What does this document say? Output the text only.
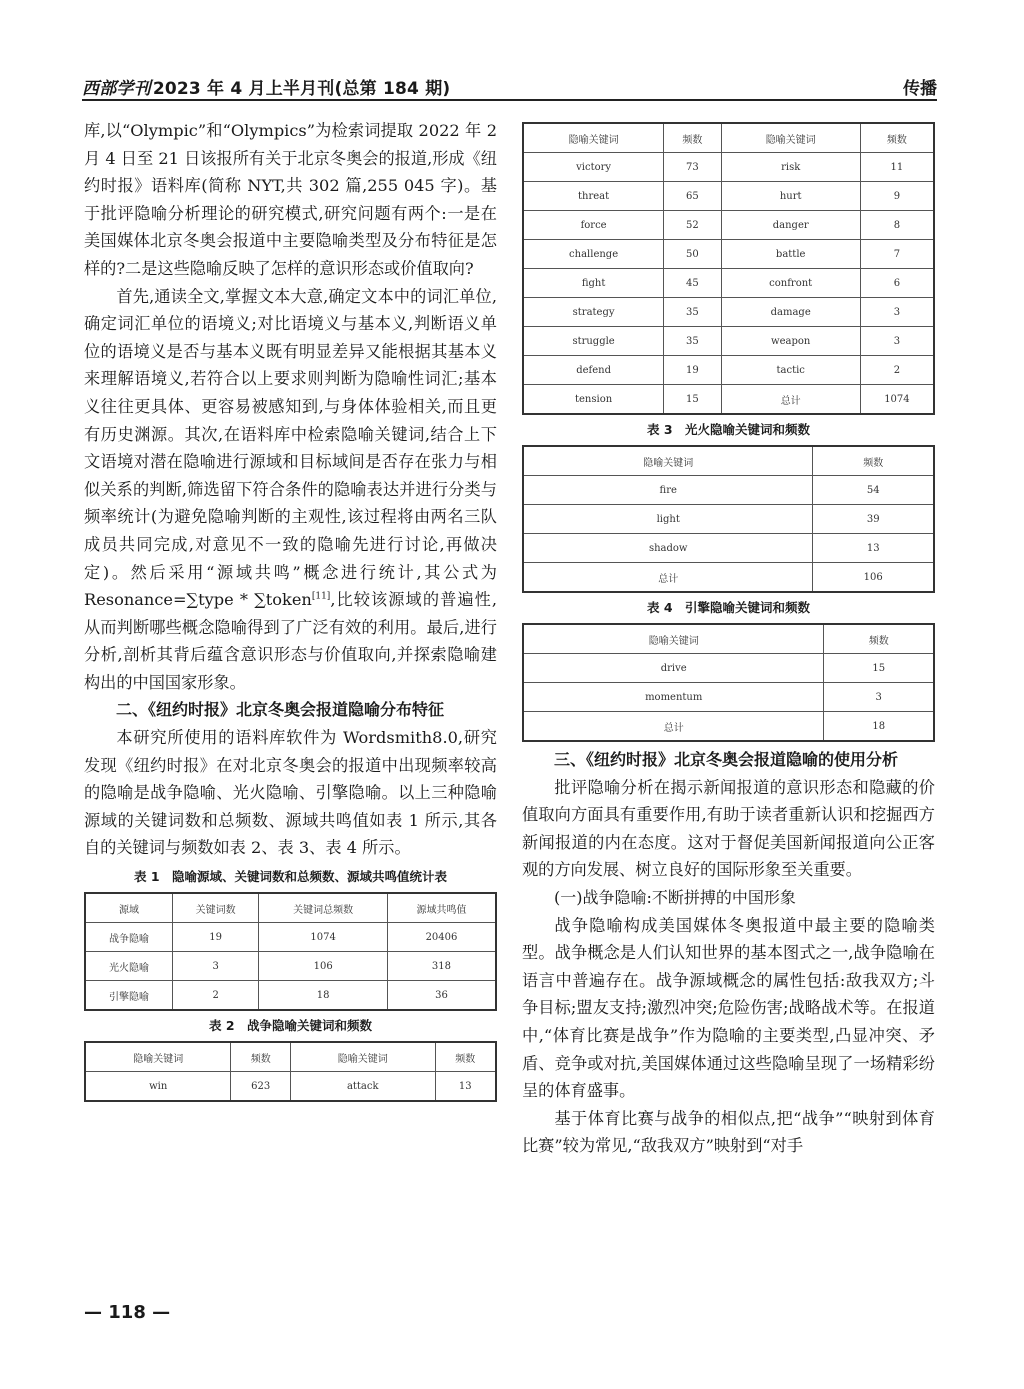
西部学刊 2023 年 4 月上半月刊(总第 184 期)	传播

库,以“Olympic”和“Olympics”为检索词提取 2022 年 2 月 4 日至 21 日该报所有关于北京冬奥会的报道,形成《纽约时报》语料库(简称 NYT,共 302 篇,255 045 字)。基于批评隐喻分析理论的研究模式,研究问题有两个:一是在美国媒体北京冬奥会报道中主要隐喻类型及分布特征是怎样的?二是这些隐喻反映了怎样的意识形态或价值取向?

首先,通读全文,掌握文本大意,确定文本中的词汇单位,确定词汇单位的语境义;对比语境义与基本义,判断语义单位的语境义是否与基本义既有明显差异又能根据其基本义来理解语境义,若符合以上要求则判断为隐喻性词汇;基本义往往更具体、更容易被感知到,与身体体验相关,而且更有历史渊源。其次,在语料库中检索隐喻关键词,结合上下文语境对潜在隐喻进行源域和目标域间是否存在张力与相似关系的判断,筛选留下符合条件的隐喻表达并进行分类与频率统计(为避免隐喻判断的主观性,该过程将由两名三队成员共同完成,对意见不一致的隐喻先进行讨论,再做决定)。然后采用“源域共鸣”概念进行统计,其公式为 Resonance=∑type * ∑token[11],比较该源域的普遍性,从而判断哪些概念隐喻得到了广泛有效的利用。最后,进行分析,剖析其背后蕴含意识形态与价值取向,并探索隐喻建构出的中国国家形象。

二、《纽约时报》北京冬奥会报道隐喻分布特征

本研究所使用的语料库软件为 Wordsmith8.0,研究发现《纽约时报》在对北京冬奥会的报道中出现频率较高的隐喻是战争隐喻、光火隐喻、引擎隐喻。以上三种隐喻源域的关键词数和总频数、源域共鸣值如表 1 所示,其各自的关键词与频数如表 2、表 3、表 4 所示。

表 1　隐喻源域、关键词数和总频数、源域共鸣值统计表
源域	关键词数	关键词总频数	源域共鸣值
战争隐喻	19	1074	20406
光火隐喻	3	106	318
引擎隐喻	2	18	36
表 2　战争隐喻关键词和频数
隐喻关键词	频数	隐喻关键词	频数
win	623	attack	13
隐喻关键词	频数	隐喻关键词	频数
victory	73	risk	11
threat	65	hurt	9
force	52	danger	8
challenge	50	battle	7
fight	45	confront	6
strategy	35	damage	3
struggle	35	weapon	3
defend	19	tactic	2
tension	15	总计	1074
表 3　光火隐喻关键词和频数
隐喻关键词	频数
fire	54
light	39
shadow	13
总计	106
表 4　引擎隐喻关键词和频数
隐喻关键词	频数
drive	15
momentum	3
总计	18

三、《纽约时报》北京冬奥会报道隐喻的使用分析

批评隐喻分析在揭示新闻报道的意识形态和隐藏的价值取向方面具有重要作用,有助于读者重新认识和挖掘西方新闻报道的内在态度。这对于督促美国新闻报道向公正客观的方向发展、树立良好的国际形象至关重要。

(一)战争隐喻:不断拼搏的中国形象

战争隐喻构成美国媒体冬奥报道中最主要的隐喻类型。战争概念是人们认知世界的基本图式之一,战争隐喻在语言中普遍存在。战争源域概念的属性包括:敌我双方;斗争目标;盟友支持;激烈冲突;危险伤害;战略战术等。在报道中,“体育比赛是战争”作为隐喻的主要类型,凸显冲突、矛盾、竞争或对抗,美国媒体通过这些隐喻呈现了一场精彩纷呈的体育盛事。

基于体育比赛与战争的相似点,把“战争”“映射到体育比赛”较为常见,“敌我双方”映射到“对手

— 118 —
